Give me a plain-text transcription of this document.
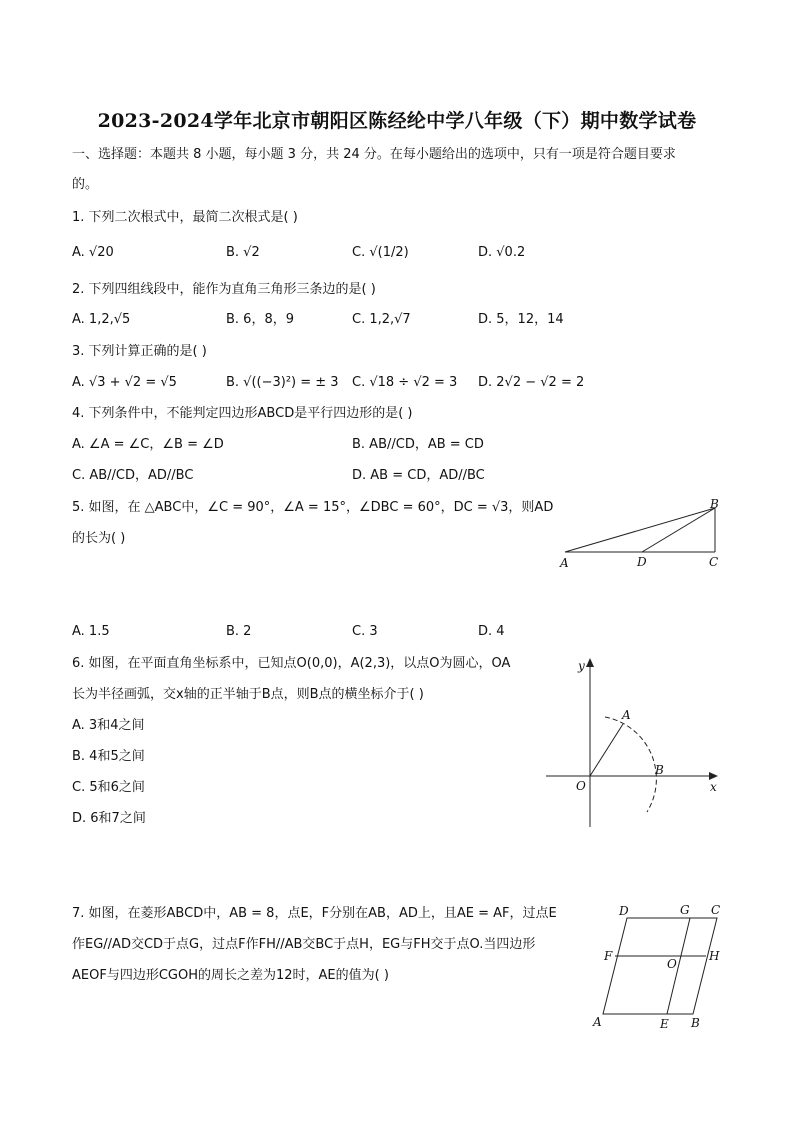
2023-2024学年北京市朝阳区陈经纶中学八年级（下）期中数学试卷
一、选择题：本题共 8 小题，每小题 3 分，共 24 分。在每小题给出的选项中，只有一项是符合题目要求
的。
1. 下列二次根式中，最简二次根式是( )
A. √20	B. √2	C. √(1/2)	D. √0.2
2. 下列四组线段中，能作为直角三角形三条边的是( )
A. 1,2,√5	B. 6，8，9	C. 1,2,√7	D. 5，12，14
3. 下列计算正确的是( )
A. √3 + √2 = √5	B. √((−3)²) = ± 3 C. √18 ÷ √2 = 3 D. 2√2 − √2 = 2
4. 下列条件中，不能判定四边形ABCD是平行四边形的是( )
A. ∠A = ∠C，∠B = ∠D	B. AB//CD，AB = CD
C. AB//CD，AD//BC	D. AB = CD，AD//BC
5. 如图，在 △ABC中，∠C = 90°，∠A = 15°，∠DBC = 60°，DC = √3，则AD
的长为( )
A	D	C
B
A. 1.5	B. 2	C. 3	D. 4
6. 如图，在平面直角坐标系中，已知点O(0,0)，A(2,3)，以点O为圆心，OA
长为半径画弧，交x轴的正半轴于B点，则B点的横坐标介于( )
A. 3和4之间
B. 4和5之间
C. 5和6之间
D. 6和7之间
y
x
O
A
B
7. 如图，在菱形ABCD中，AB = 8，点E，F分别在AB，AD上，且AE = AF，过点E
作EG//AD交CD于点G，过点F作FH//AB交BC于点H，EG与FH交于点O.当四边形
AEOF与四边形CGOH的周长之差为12时，AE的值为( )
A	B
C
D
E
F
G
H
O
